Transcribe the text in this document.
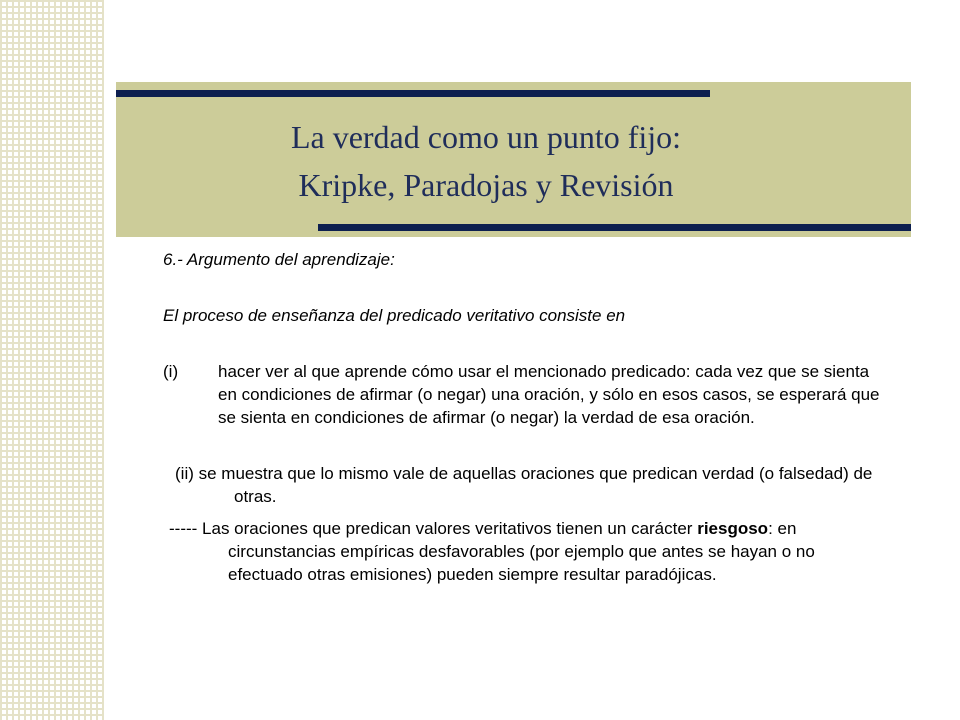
La verdad como un punto fijo:
Kripke, Paradojas y Revisión

6.- Argumento del aprendizaje:

El proceso de enseñanza del predicado veritativo consiste en

(i) hacer ver al que aprende cómo usar el mencionado predicado: cada vez que se sienta en condiciones de afirmar (o negar) una oración, y sólo en esos casos, se esperará que se sienta en condiciones de afirmar (o negar) la verdad de esa oración.

(ii) se muestra que lo mismo vale de aquellas oraciones que predican verdad (o falsedad) de otras.

----- Las oraciones que predican valores veritativos tienen un carácter riesgoso: en circunstancias empíricas desfavorables (por ejemplo que antes se hayan o no efectuado otras emisiones) pueden siempre resultar paradójicas.
